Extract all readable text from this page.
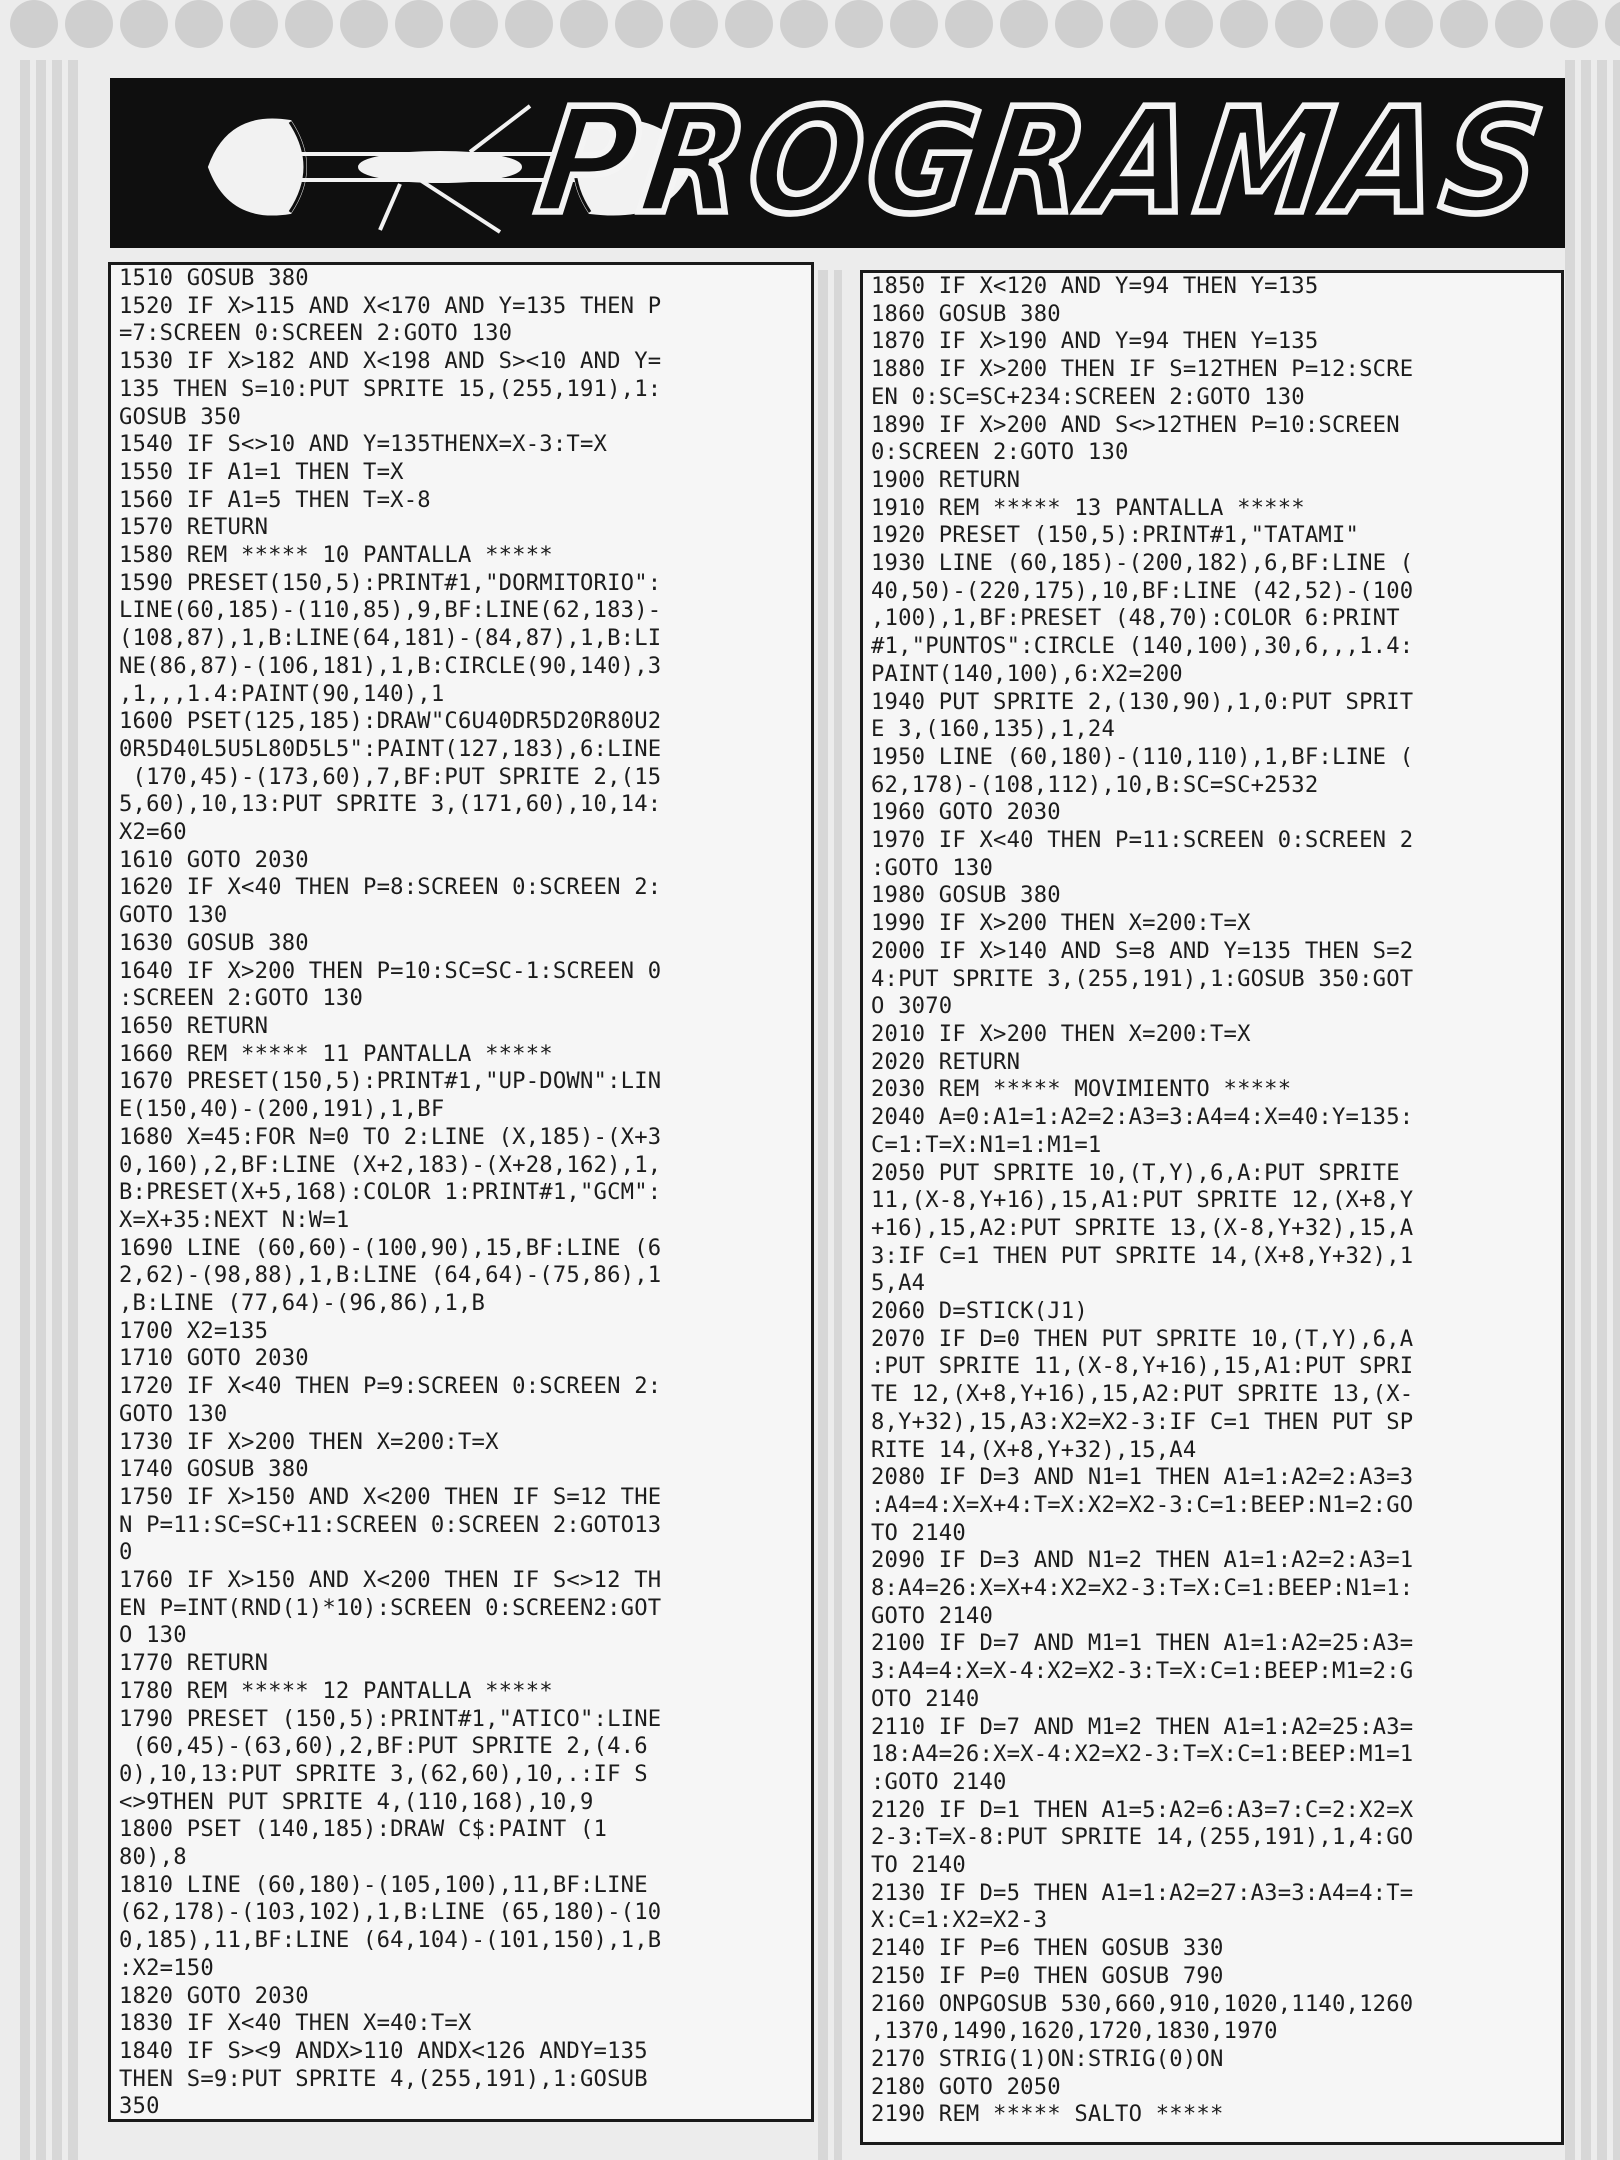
PROGRAMAS
1510 GOSUB 380
1520 IF X>115 AND X<170 AND Y=135 THEN P
=7:SCREEN 0:SCREEN 2:GOTO 130
1530 IF X>182 AND X<198 AND S><10 AND Y=
135 THEN S=10:PUT SPRITE 15,(255,191),1:
GOSUB 350
1540 IF S<>10 AND Y=135THENX=X-3:T=X
1550 IF A1=1 THEN T=X
1560 IF A1=5 THEN T=X-8
1570 RETURN
1580 REM ***** 10 PANTALLA *****
1590 PRESET(150,5):PRINT#1,"DORMITORIO":
LINE(60,185)-(110,85),9,BF:LINE(62,183)-
(108,87),1,B:LINE(64,181)-(84,87),1,B:LI
NE(86,87)-(106,181),1,B:CIRCLE(90,140),3
,1,,,1.4:PAINT(90,140),1
1600 PSET(125,185):DRAW"C6U40DR5D20R80U2
0R5D40L5U5L80D5L5":PAINT(127,183),6:LINE
(170,45)-(173,60),7,BF:PUT SPRITE 2,(15
5,60),10,13:PUT SPRITE 3,(171,60),10,14:
X2=60
1610 GOTO 2030
1620 IF X<40 THEN P=8:SCREEN 0:SCREEN 2:
GOTO 130
1630 GOSUB 380
1640 IF X>200 THEN P=10:SC=SC-1:SCREEN 0
:SCREEN 2:GOTO 130
1650 RETURN
1660 REM ***** 11 PANTALLA *****
1670 PRESET(150,5):PRINT#1,"UP-DOWN":LIN
E(150,40)-(200,191),1,BF
1680 X=45:FOR N=0 TO 2:LINE (X,185)-(X+3
0,160),2,BF:LINE (X+2,183)-(X+28,162),1,
B:PRESET(X+5,168):COLOR 1:PRINT#1,"GCM":
X=X+35:NEXT N:W=1
1690 LINE (60,60)-(100,90),15,BF:LINE (6
2,62)-(98,88),1,B:LINE (64,64)-(75,86),1
,B:LINE (77,64)-(96,86),1,B
1700 X2=135
1710 GOTO 2030
1720 IF X<40 THEN P=9:SCREEN 0:SCREEN 2:
GOTO 130
1730 IF X>200 THEN X=200:T=X
1740 GOSUB 380
1750 IF X>150 AND X<200 THEN IF S=12 THE
N P=11:SC=SC+11:SCREEN 0:SCREEN 2:GOTO13
0
1760 IF X>150 AND X<200 THEN IF S<>12 TH
EN P=INT(RND(1)*10):SCREEN 0:SCREEN2:GOT
O 130
1770 RETURN
1780 REM ***** 12 PANTALLA *****
1790 PRESET (150,5):PRINT#1,"ATICO":LINE
(60,45)-(63,60),2,BF:PUT SPRITE 2,(4.6
0),10,13:PUT SPRITE 3,(62,60),10,.:IF S
<>9THEN PUT SPRITE 4,(110,168),10,9
1800 PSET (140,185):DRAW C$:PAINT (1
80),8
1810 LINE (60,180)-(105,100),11,BF:LINE
(62,178)-(103,102),1,B:LINE (65,180)-(10
0,185),11,BF:LINE (64,104)-(101,150),1,B
:X2=150
1820 GOTO 2030
1830 IF X<40 THEN X=40:T=X
1840 IF S><9 ANDX>110 ANDX<126 ANDY=135
THEN S=9:PUT SPRITE 4,(255,191),1:GOSUB
350
1850 IF X<120 AND Y=94 THEN Y=135
1860 GOSUB 380
1870 IF X>190 AND Y=94 THEN Y=135
1880 IF X>200 THEN IF S=12THEN P=12:SCRE
EN 0:SC=SC+234:SCREEN 2:GOTO 130
1890 IF X>200 AND S<>12THEN P=10:SCREEN
0:SCREEN 2:GOTO 130
1900 RETURN
1910 REM ***** 13 PANTALLA *****
1920 PRESET (150,5):PRINT#1,"TATAMI"
1930 LINE (60,185)-(200,182),6,BF:LINE (
40,50)-(220,175),10,BF:LINE (42,52)-(100
,100),1,BF:PRESET (48,70):COLOR 6:PRINT
#1,"PUNTOS":CIRCLE (140,100),30,6,,,1.4:
PAINT(140,100),6:X2=200
1940 PUT SPRITE 2,(130,90),1,0:PUT SPRIT
E 3,(160,135),1,24
1950 LINE (60,180)-(110,110),1,BF:LINE (
62,178)-(108,112),10,B:SC=SC+2532
1960 GOTO 2030
1970 IF X<40 THEN P=11:SCREEN 0:SCREEN 2
:GOTO 130
1980 GOSUB 380
1990 IF X>200 THEN X=200:T=X
2000 IF X>140 AND S=8 AND Y=135 THEN S=2
4:PUT SPRITE 3,(255,191),1:GOSUB 350:GOT
O 3070
2010 IF X>200 THEN X=200:T=X
2020 RETURN
2030 REM ***** MOVIMIENTO *****
2040 A=0:A1=1:A2=2:A3=3:A4=4:X=40:Y=135:
C=1:T=X:N1=1:M1=1
2050 PUT SPRITE 10,(T,Y),6,A:PUT SPRITE
11,(X-8,Y+16),15,A1:PUT SPRITE 12,(X+8,Y
+16),15,A2:PUT SPRITE 13,(X-8,Y+32),15,A
3:IF C=1 THEN PUT SPRITE 14,(X+8,Y+32),1
5,A4
2060 D=STICK(J1)
2070 IF D=0 THEN PUT SPRITE 10,(T,Y),6,A
:PUT SPRITE 11,(X-8,Y+16),15,A1:PUT SPRI
TE 12,(X+8,Y+16),15,A2:PUT SPRITE 13,(X-
8,Y+32),15,A3:X2=X2-3:IF C=1 THEN PUT SP
RITE 14,(X+8,Y+32),15,A4
2080 IF D=3 AND N1=1 THEN A1=1:A2=2:A3=3
:A4=4:X=X+4:T=X:X2=X2-3:C=1:BEEP:N1=2:GO
TO 2140
2090 IF D=3 AND N1=2 THEN A1=1:A2=2:A3=1
8:A4=26:X=X+4:X2=X2-3:T=X:C=1:BEEP:N1=1:
GOTO 2140
2100 IF D=7 AND M1=1 THEN A1=1:A2=25:A3=
3:A4=4:X=X-4:X2=X2-3:T=X:C=1:BEEP:M1=2:G
OTO 2140
2110 IF D=7 AND M1=2 THEN A1=1:A2=25:A3=
18:A4=26:X=X-4:X2=X2-3:T=X:C=1:BEEP:M1=1
:GOTO 2140
2120 IF D=1 THEN A1=5:A2=6:A3=7:C=2:X2=X
2-3:T=X-8:PUT SPRITE 14,(255,191),1,4:GO
TO 2140
2130 IF D=5 THEN A1=1:A2=27:A3=3:A4=4:T=
X:C=1:X2=X2-3
2140 IF P=6 THEN GOSUB 330
2150 IF P=0 THEN GOSUB 790
2160 ONPGOSUB 530,660,910,1020,1140,1260
,1370,1490,1620,1720,1830,1970
2170 STRIG(1)ON:STRIG(0)ON
2180 GOTO 2050
2190 REM ***** SALTO *****
